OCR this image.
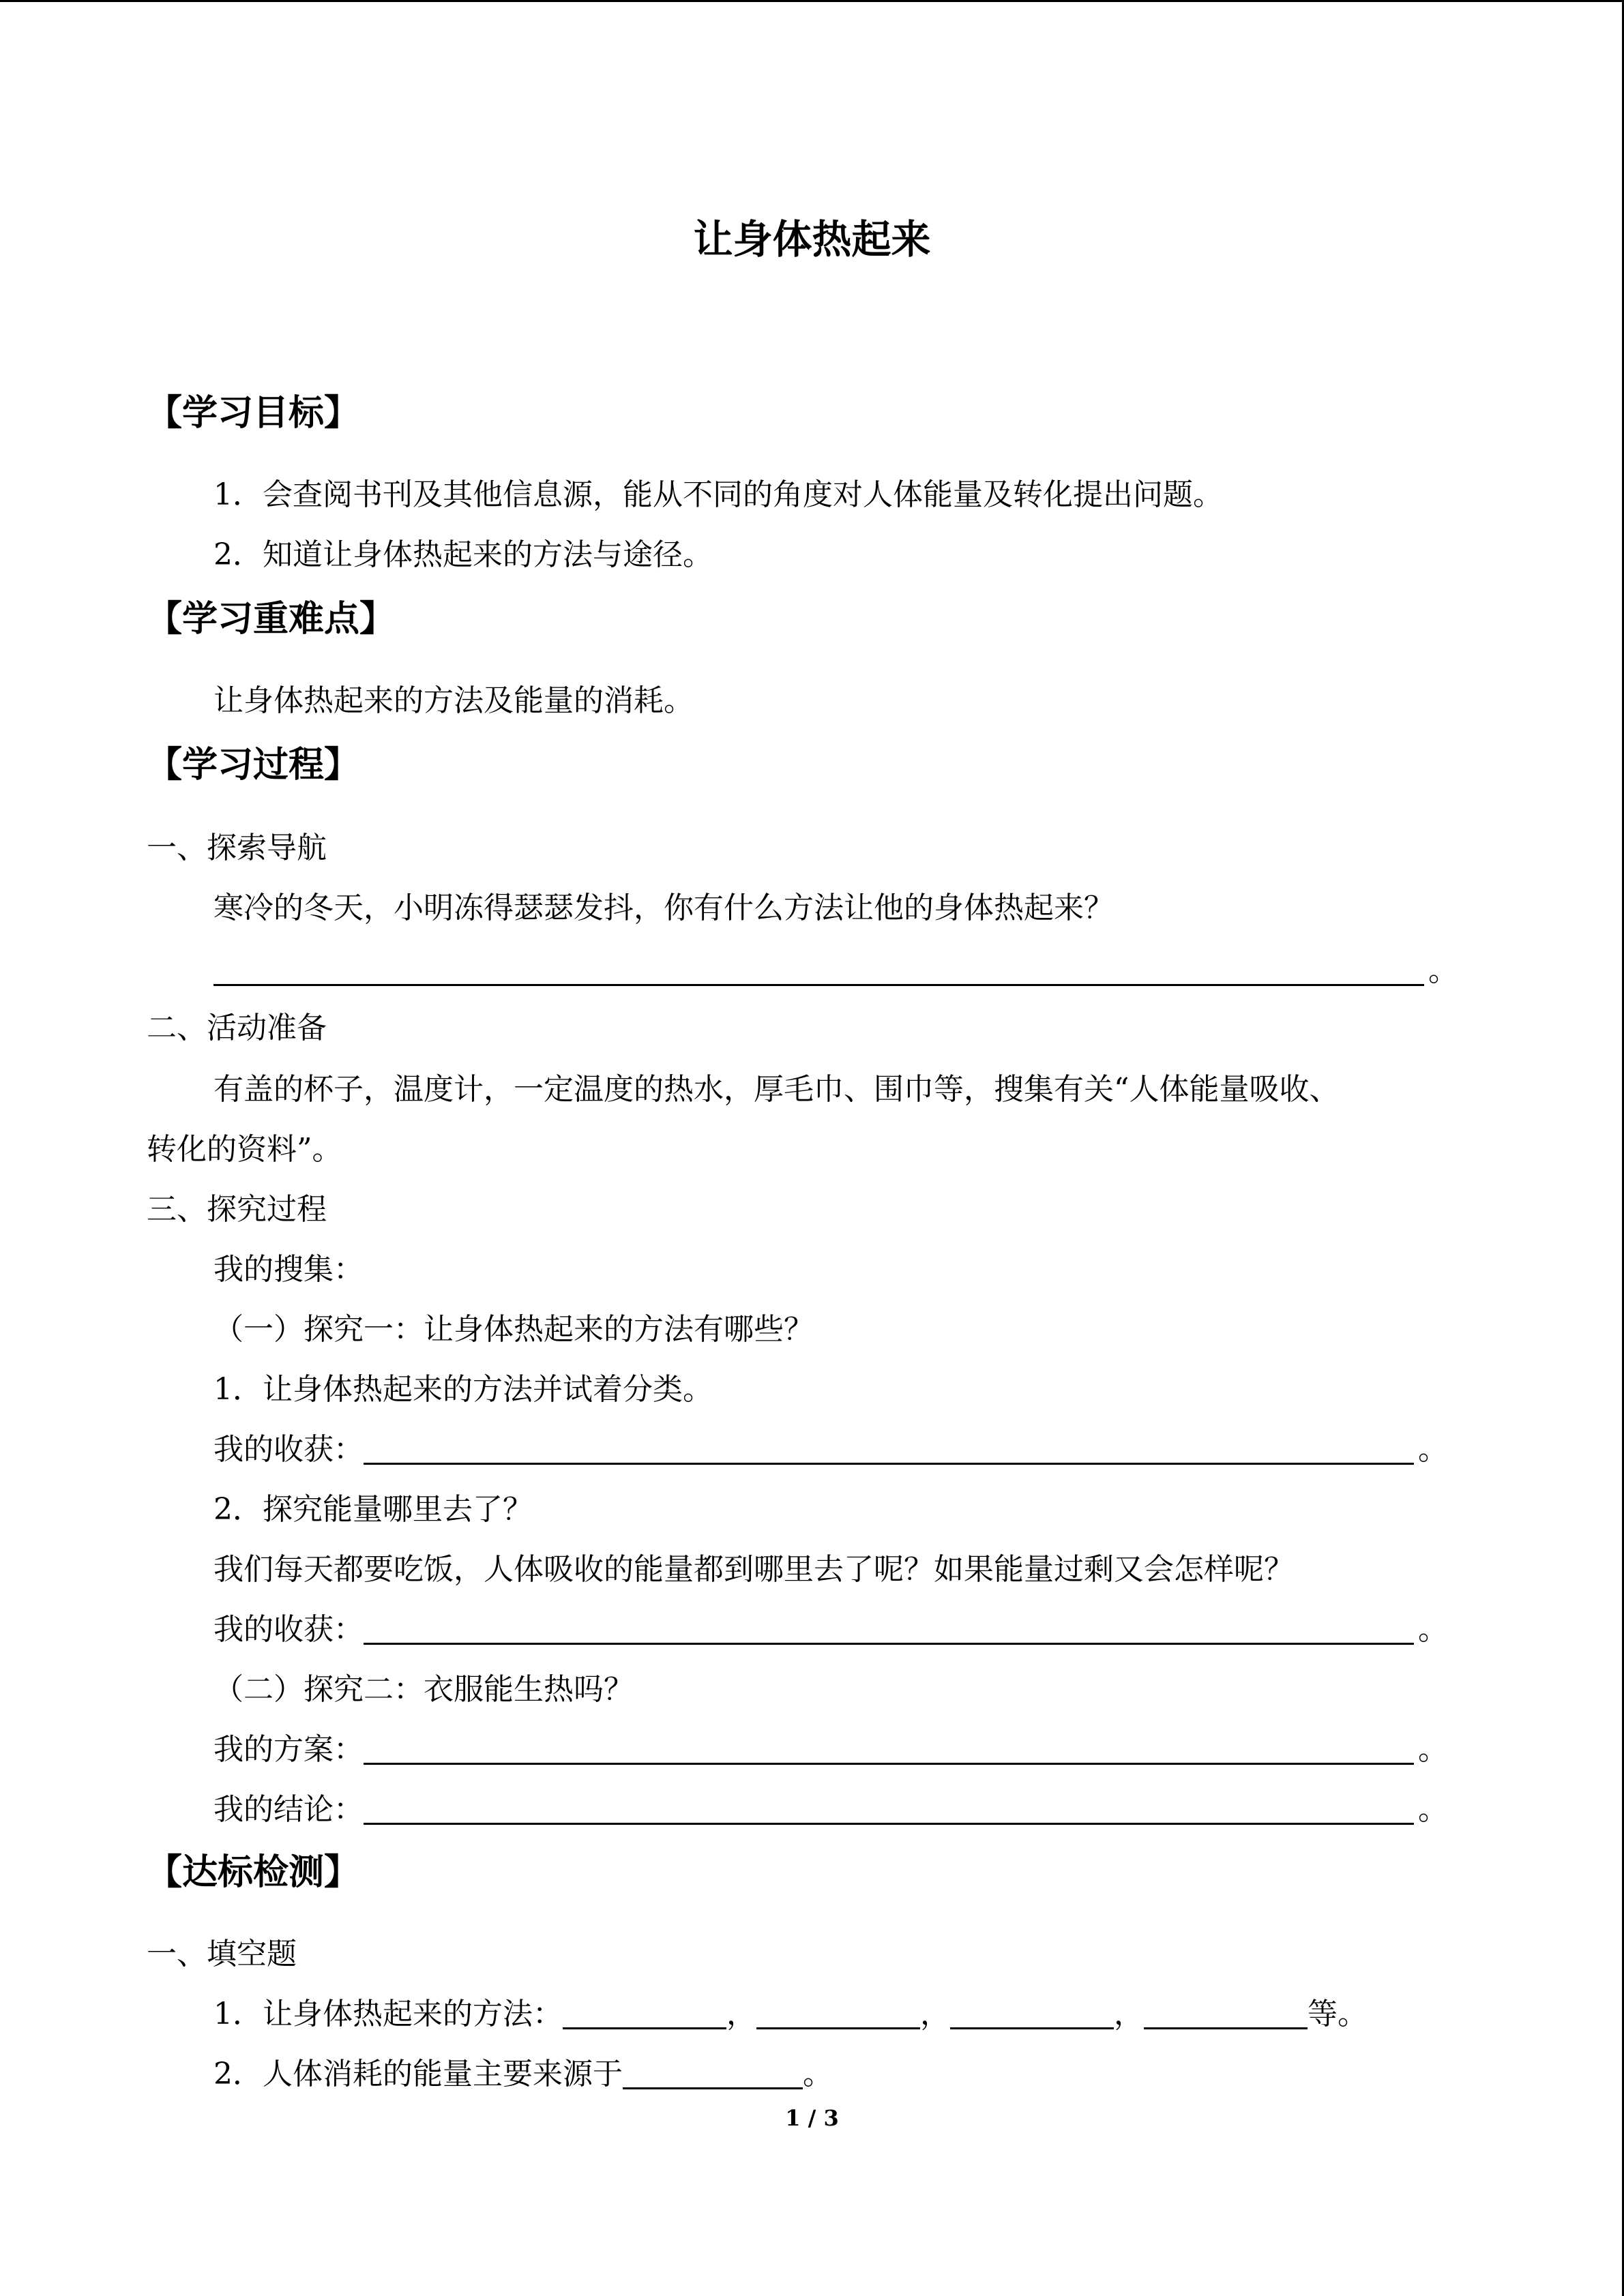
让身体热起来
【学习目标】
1．会查阅书刊及其他信息源，能从不同的角度对人体能量及转化提出问题。
2．知道让身体热起来的方法与途径。
【学习重难点】
让身体热起来的方法及能量的消耗。
【学习过程】
一、探索导航
寒冷的冬天，小明冻得瑟瑟发抖，你有什么方法让他的身体热起来？
。
二、活动准备
有盖的杯子，温度计，一定温度的热水，厚毛巾、围巾等，搜集有关“人体能量吸收、
转化的资料”。
三、探究过程
我的搜集：
（一）探究一：让身体热起来的方法有哪些？
1．让身体热起来的方法并试着分类。
我的收获：	。
2．探究能量哪里去了？
我们每天都要吃饭，人体吸收的能量都到哪里去了呢？如果能量过剩又会怎样呢？
我的收获：	。
（二）探究二：衣服能生热吗？
我的方案：	。
我的结论：	。
【达标检测】
一、填空题
1．让身体热起来的方法：	，	，	，	等。
2．人体消耗的能量主要来源于	。
1 / 3
